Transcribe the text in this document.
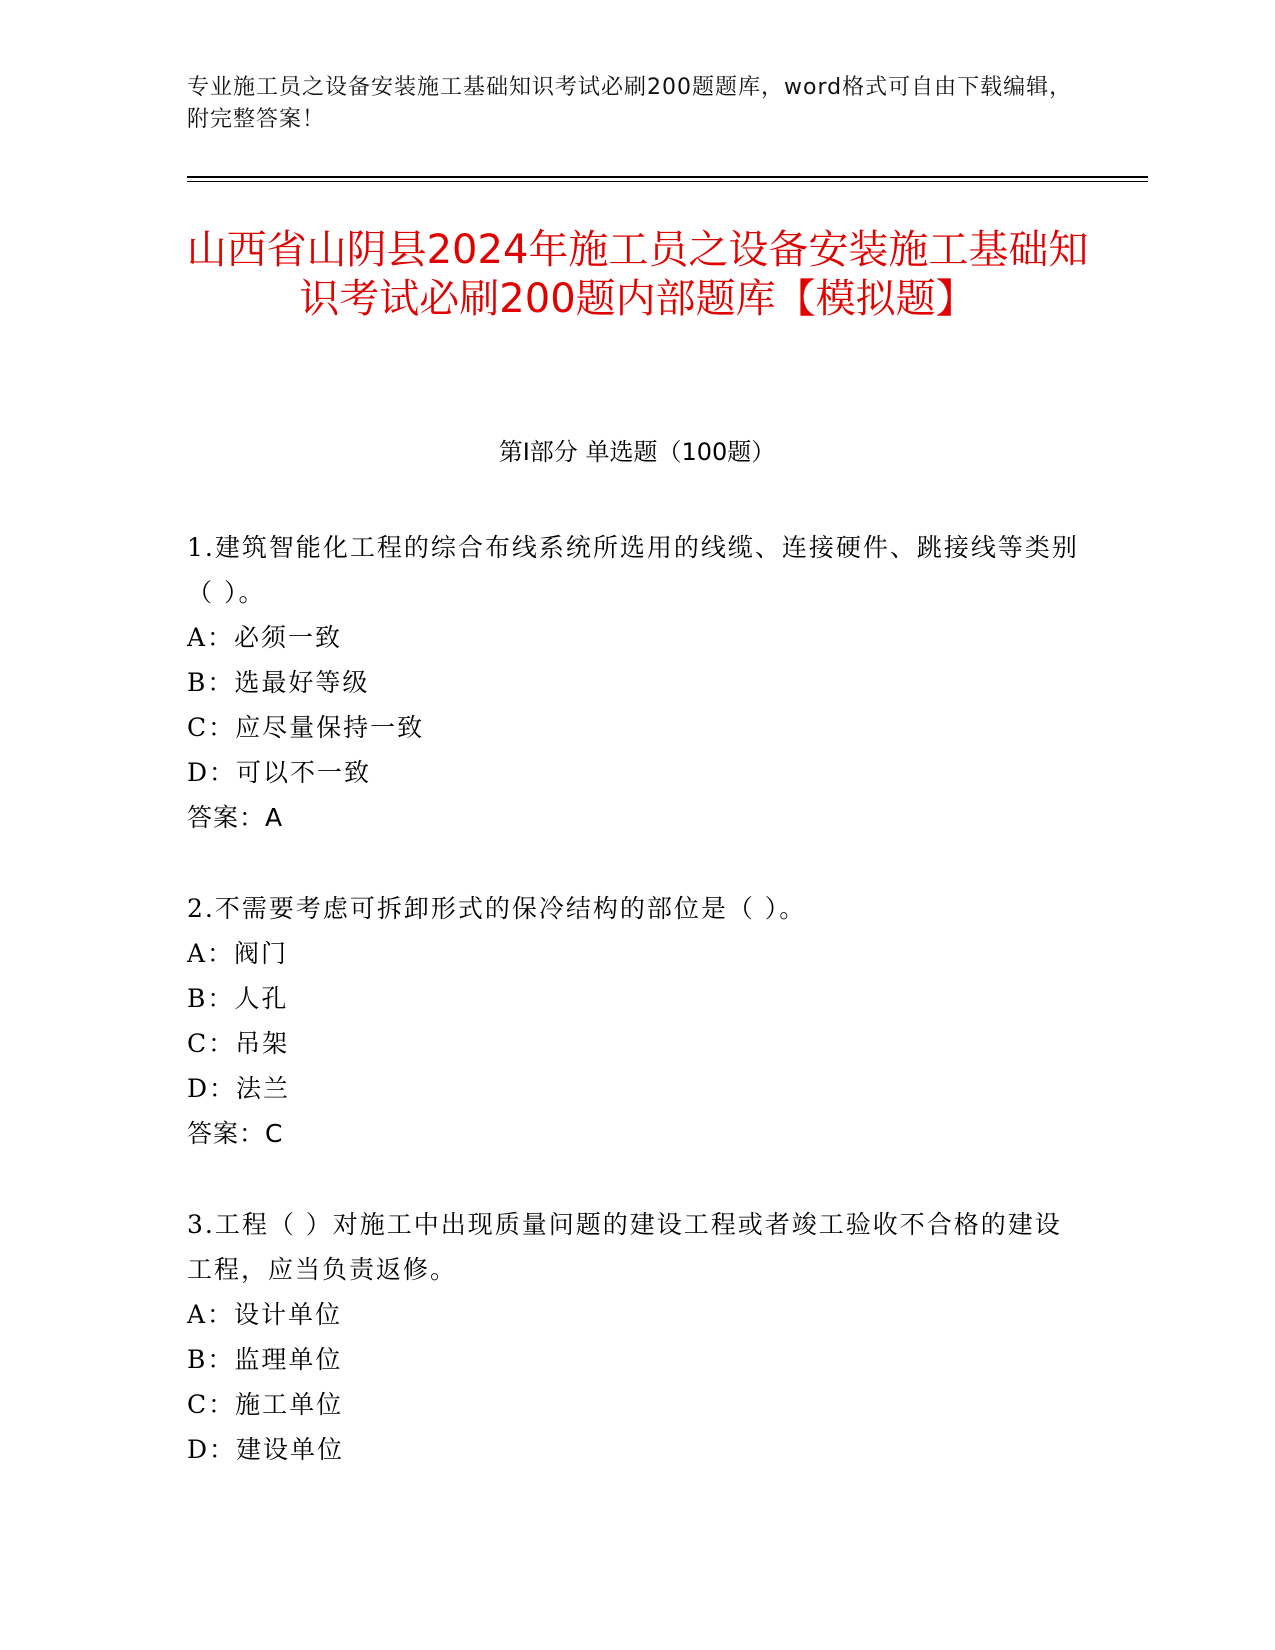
专业施工员之设备安装施工基础知识考试必刷200题题库，word格式可自由下载编辑，附完整答案！
山西省山阴县2024年施工员之设备安装施工基础知识考试必刷200题内部题库【模拟题】
第I部分 单选题（100题）

1.建筑智能化工程的综合布线系统所选用的线缆、连接硬件、跳接线等类别（ ）。

A：必须一致

B：选最好等级

C：应尽量保持一致

D：可以不一致

答案：A

2.不需要考虑可拆卸形式的保冷结构的部位是（ ）。

A：阀门

B：人孔

C：吊架

D：法兰

答案：C

3.工程（ ）对施工中出现质量问题的建设工程或者竣工验收不合格的建设工程，应当负责返修。

A：设计单位

B：监理单位

C：施工单位

D：建设单位
